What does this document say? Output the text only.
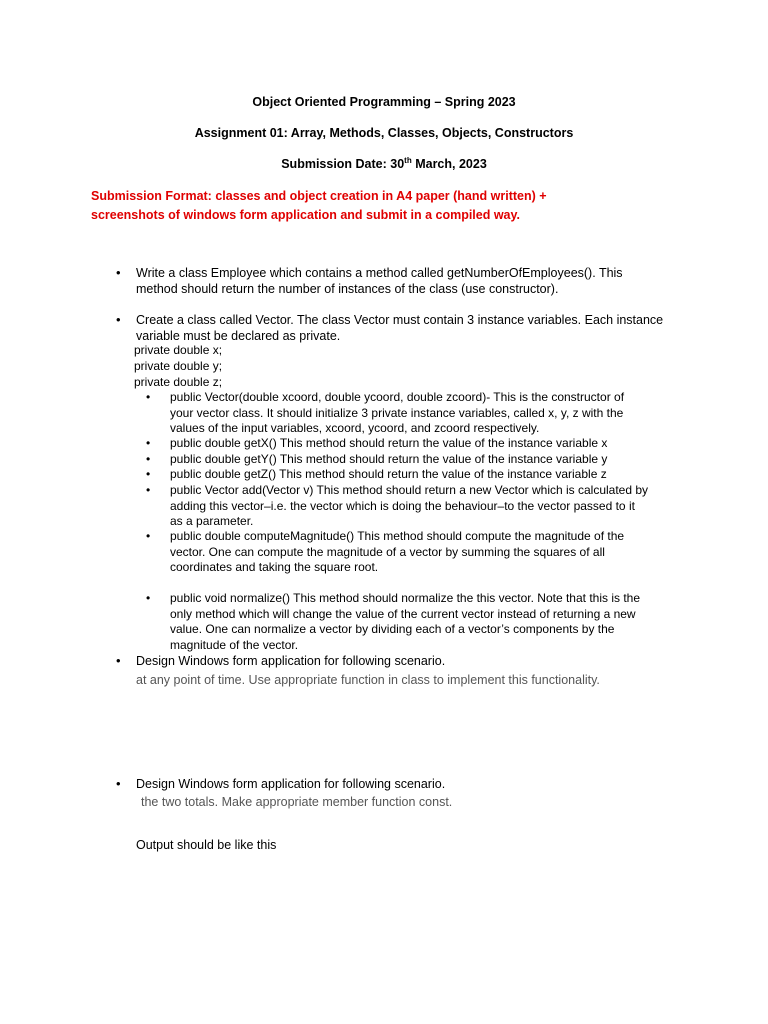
Object Oriented Programming – Spring 2023
Assignment 01: Array, Methods, Classes, Objects, Constructors
Submission Date: 30th March, 2023
Submission Format: classes and object creation in A4 paper (hand written) +
screenshots of windows form application and submit in a compiled way.
• Write a class Employee which contains a method called getNumberOfEmployees(). This
method should return the number of instances of the class (use constructor).
• Create a class called Vector. The class Vector must contain 3 instance variables. Each instance
variable must be declared as private.
private double x;
private double y;
private double z;
• public Vector(double xcoord, double ycoord, double zcoord)- This is the constructor of
your vector class. It should initialize 3 private instance variables, called x, y, z with the
values of the input variables, xcoord, ycoord, and zcoord respectively.
• public double getX() This method should return the value of the instance variable x
• public double getY() This method should return the value of the instance variable y
• public double getZ() This method should return the value of the instance variable z
• public Vector add(Vector v) This method should return a new Vector which is calculated by
adding this vector–i.e. the vector which is doing the behaviour–to the vector passed to it
as a parameter.
• public double computeMagnitude() This method should compute the magnitude of the
vector. One can compute the magnitude of a vector by summing the squares of all
coordinates and taking the square root.
• public void normalize() This method should normalize the this vector. Note that this is the
only method which will change the value of the current vector instead of returning a new
value. One can normalize a vector by dividing each of a vector’s components by the
magnitude of the vector.
• Design Windows form application for following scenario.
at any point of time. Use appropriate function in class to implement this functionality.
• Design Windows form application for following scenario.
the two totals. Make appropriate member function const.
Output should be like this
